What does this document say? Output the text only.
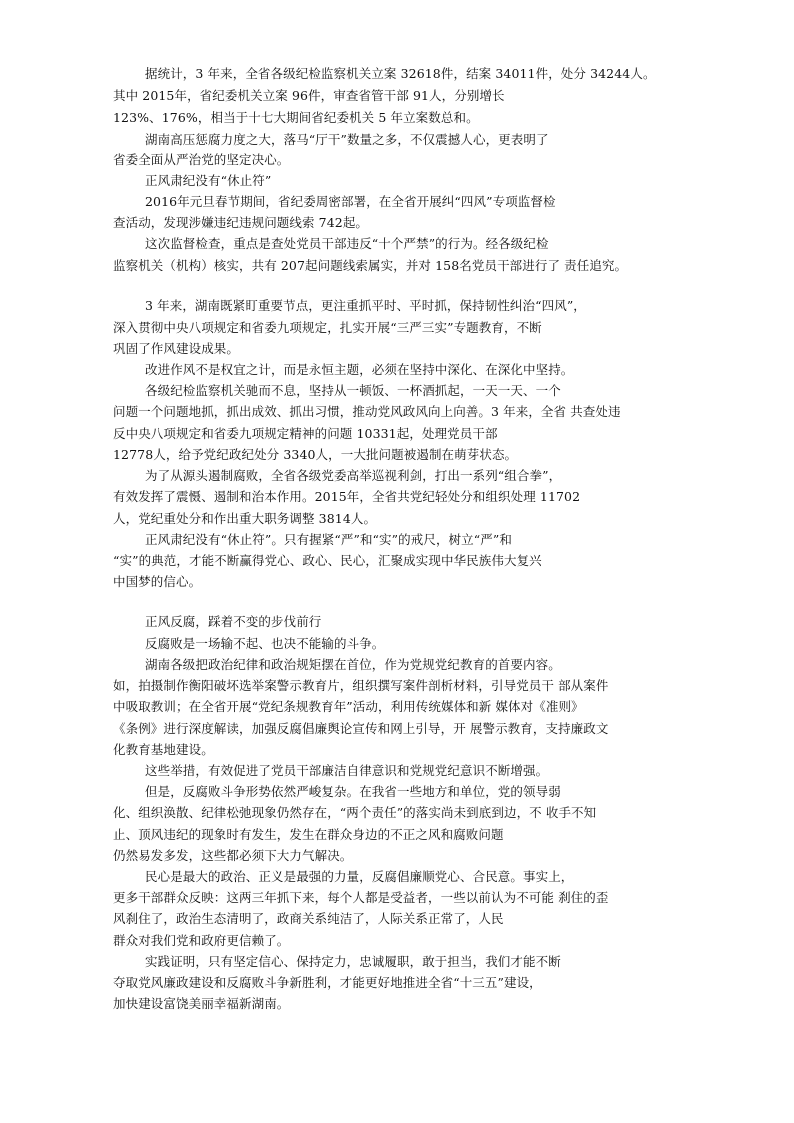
据统计，3 年来，全省各级纪检监察机关立案 32618件，结案 34011件，处分 34244人。

其中 2015年，省纪委机关立案 96件，审查省管干部 91人，分别增长

123%、176%，相当于十七大期间省纪委机关 5 年立案数总和。

湖南高压惩腐力度之大，落马“厅干”数量之多，不仅震撼人心，更表明了

省委全面从严治党的坚定决心。

正风肃纪没有“休止符”

2016年元旦春节期间，省纪委周密部署，在全省开展纠“四风”专项监督检

查活动，发现涉嫌违纪违规问题线索 742起。

这次监督检查，重点是查处党员干部违反“十个严禁”的行为。经各级纪检

监察机关（机构）核实，共有 207起问题线索属实，并对 158名党员干部进行了 责任追究。

3 年来，湖南既紧盯重要节点，更注重抓平时、平时抓，保持韧性纠治“四风”，

深入贯彻中央八项规定和省委九项规定，扎实开展“三严三实”专题教育，不断

巩固了作风建设成果。

改进作风不是权宜之计，而是永恒主题，必须在坚持中深化、在深化中坚持。

各级纪检监察机关驰而不息，坚持从一顿饭、一杯酒抓起，一天一天、一个

问题一个问题地抓，抓出成效、抓出习惯，推动党风政风向上向善。3 年来，全省 共查处违

反中央八项规定和省委九项规定精神的问题 10331起，处理党员干部

12778人，给予党纪政纪处分 3340人，一大批问题被遏制在萌芽状态。

为了从源头遏制腐败，全省各级党委高举巡视利剑，打出一系列“组合拳”，

有效发挥了震慑、遏制和治本作用。2015年，全省共党纪轻处分和组织处理 11702

人，党纪重处分和作出重大职务调整 3814人。

正风肃纪没有“休止符”。只有握紧“严”和“实”的戒尺，树立“严”和

“实”的典范，才能不断赢得党心、政心、民心，汇聚成实现中华民族伟大复兴

中国梦的信心。

正风反腐，踩着不变的步伐前行

反腐败是一场输不起、也决不能输的斗争。

湖南各级把政治纪律和政治规矩摆在首位，作为党规党纪教育的首要内容。

如，拍摄制作衡阳破坏选举案警示教育片，组织撰写案件剖析材料，引导党员干 部从案件

中吸取教训；在全省开展“党纪条规教育年”活动，利用传统媒体和新 媒体对《准则》

《条例》进行深度解读，加强反腐倡廉舆论宣传和网上引导，开 展警示教育，支持廉政文

化教育基地建设。

这些举措，有效促进了党员干部廉洁自律意识和党规党纪意识不断增强。

但是，反腐败斗争形势依然严峻复杂。在我省一些地方和单位，党的领导弱

化、组织涣散、纪律松弛现象仍然存在，“两个责任”的落实尚未到底到边，不 收手不知

止、顶风违纪的现象时有发生，发生在群众身边的不正之风和腐败问题

仍然易发多发，这些都必须下大力气解决。

民心是最大的政治、正义是最强的力量，反腐倡廉顺党心、合民意。事实上，

更多干部群众反映：这两三年抓下来，每个人都是受益者，一些以前认为不可能 刹住的歪

风刹住了，政治生态清明了，政商关系纯洁了，人际关系正常了，人民

群众对我们党和政府更信赖了。

实践证明，只有坚定信心、保持定力，忠诚履职，敢于担当，我们才能不断

夺取党风廉政建设和反腐败斗争新胜利，才能更好地推进全省“十三五”建设，

加快建设富饶美丽幸福新湖南。
